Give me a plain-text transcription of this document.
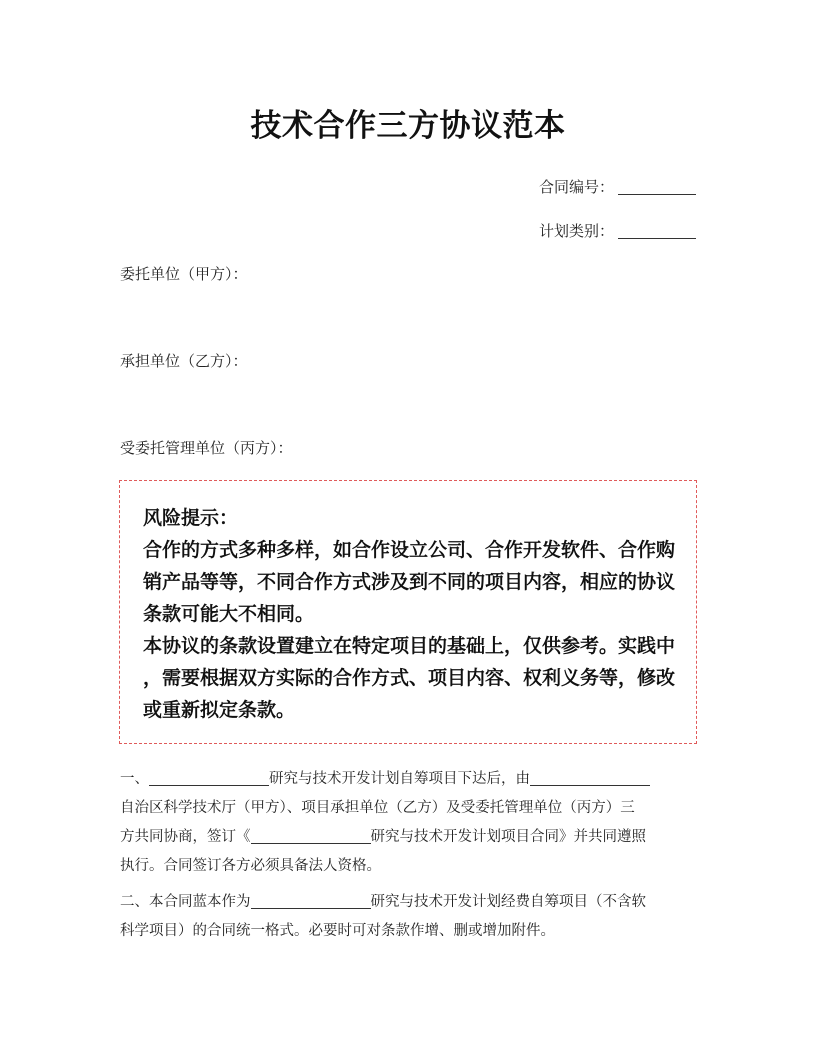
技术合作三方协议范本
合同编号：
计划类别：
委托单位（甲方）：
承担单位（乙方）：
受委托管理单位（丙方）：
风险提示：
合作的方式多种多样，如合作设立公司、合作开发软件、合作购
销产品等等，不同合作方式涉及到不同的项目内容，相应的协议
条款可能大不相同。
本协议的条款设置建立在特定项目的基础上，仅供参考。实践中
，需要根据双方实际的合作方式、项目内容、权利义务等，修改
或重新拟定条款。
一、	研究与技术开发计划自筹项目下达后，由
自治区科学技术厅（甲方）、项目承担单位（乙方）及受委托管理单位（丙方）三
方共同协商，签订《	研究与技术开发计划项目合同》并共同遵照
执行。合同签订各方必须具备法人资格。
二、本合同蓝本作为	研究与技术开发计划经费自筹项目（不含软
科学项目）的合同统一格式。必要时可对条款作增、删或增加附件。
